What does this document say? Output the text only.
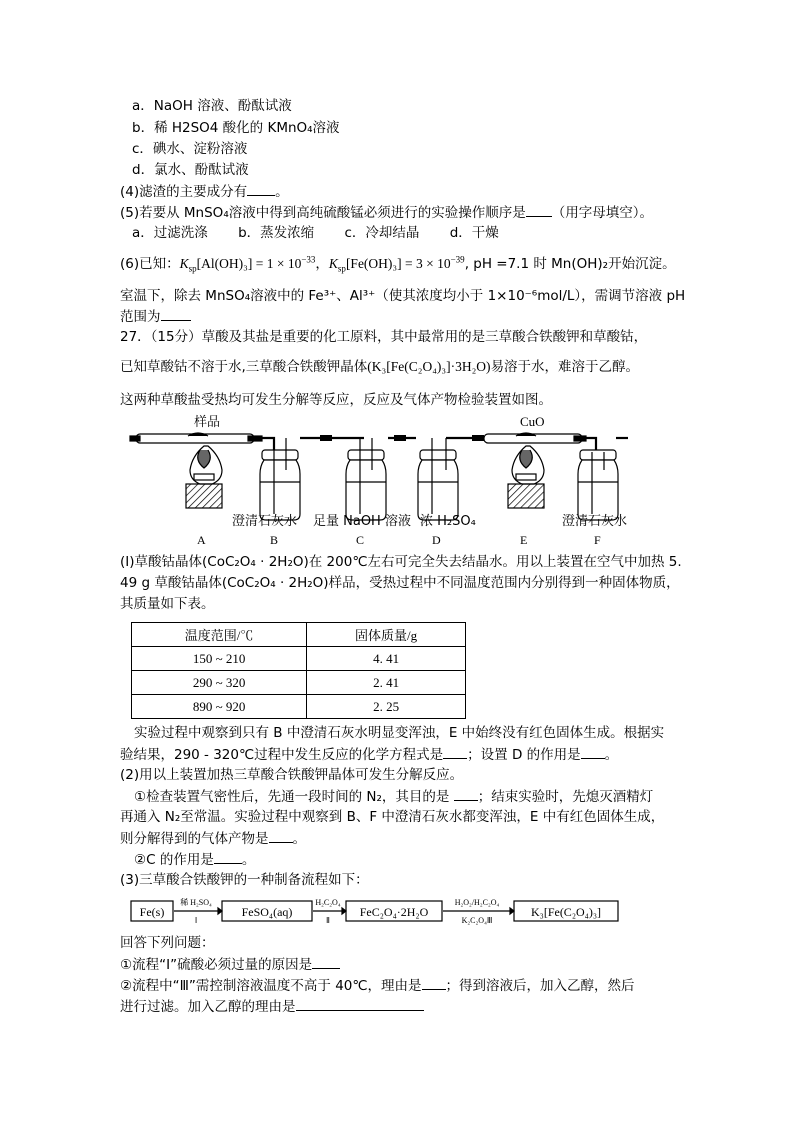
a．NaOH 溶液、酚酞试液
b．稀 H2SO4 酸化的 KMnO₄溶液
c．碘水、淀粉溶液
d．氯水、酚酞试液
(4)滤渣的主要成分有 。
(5)若要从 MnSO₄溶液中得到高纯硫酸锰必须进行的实验操作顺序是 （用字母填空）。
a．过滤洗涤 b．蒸发浓缩 c．冷却结晶 d．干燥
(6)已知：$K_{sp}[Al(OH)_3] = 1 \times 10^{-33}$，$K_{sp}[Fe(OH)_3] = 3 \times 10^{-39}$, pH =7.1 时 Mn(OH)₂开始沉淀。
室温下，除去 MnSO₄溶液中的 Fe³⁺、Al³⁺（使其浓度均小于 1×10⁻⁶mol/L），需调节溶液 pH
范围为
27．（15分）草酸及其盐是重要的化工原料，其中最常用的是三草酸合铁酸钾和草酸钴，
已知草酸钴不溶于水,三草酸合铁酸钾晶体(K₃[Fe(C₂O₄)₃]·3H₂O)易溶于水，难溶于乙醇。
这两种草酸盐受热均可发生分解等反应，反应及气体产物检验装置如图。
样品	CuO
澄清石灰水 足量 NaOH 溶液 浓 H₂SO₄	澄清石灰水
A	B	C	D	E	F
(Ⅰ)草酸钴晶体(CoC₂O₄ · 2H₂O)在 200℃左右可完全失去结晶水。用以上装置在空气中加热 5.
49 g 草酸钴晶体(CoC₂O₄ · 2H₂O)样品，受热过程中不同温度范围内分别得到一种固体物质，
其质量如下表。
温度范围/℃	固体质量/g
150 ~ 210	4. 41
290 ~ 320	2. 41
890 ~ 920	2. 25
实验过程中观察到只有 B 中澄清石灰水明显变浑浊，E 中始终没有红色固体生成。根据实
验结果，290 - 320℃过程中发生反应的化学方程式是 ；设置 D 的作用是 。
(2)用以上装置加热三草酸合铁酸钾晶体可发生分解反应。
①检查装置气密性后，先通一段时间的 N₂，其目的是 ；结束实验时，先熄灭酒精灯
再通入 N₂至常温。实验过程中观察到 B、F 中澄清石灰水都变浑浊，E 中有红色固体生成，
则分解得到的气体产物是 。
②C 的作用是 。
(3)三草酸合铁酸钾的一种制备流程如下：
Fe(s)	FeSO₄(aq)	FeC₂O₄·2H₂O	K₃[Fe(C₂O₄)₃]
稀 H₂SO₄
Ⅰ
H₂C₂O₄
Ⅱ
H₂O₂/H₂C₂O₄
K₂C₂O₄Ⅲ
回答下列问题：
①流程“Ⅰ”硫酸必须过量的原因是
②流程中“Ⅲ”需控制溶液温度不高于 40℃，理由是 ；得到溶液后，加入乙醇，然后
进行过滤。加入乙醇的理由是
